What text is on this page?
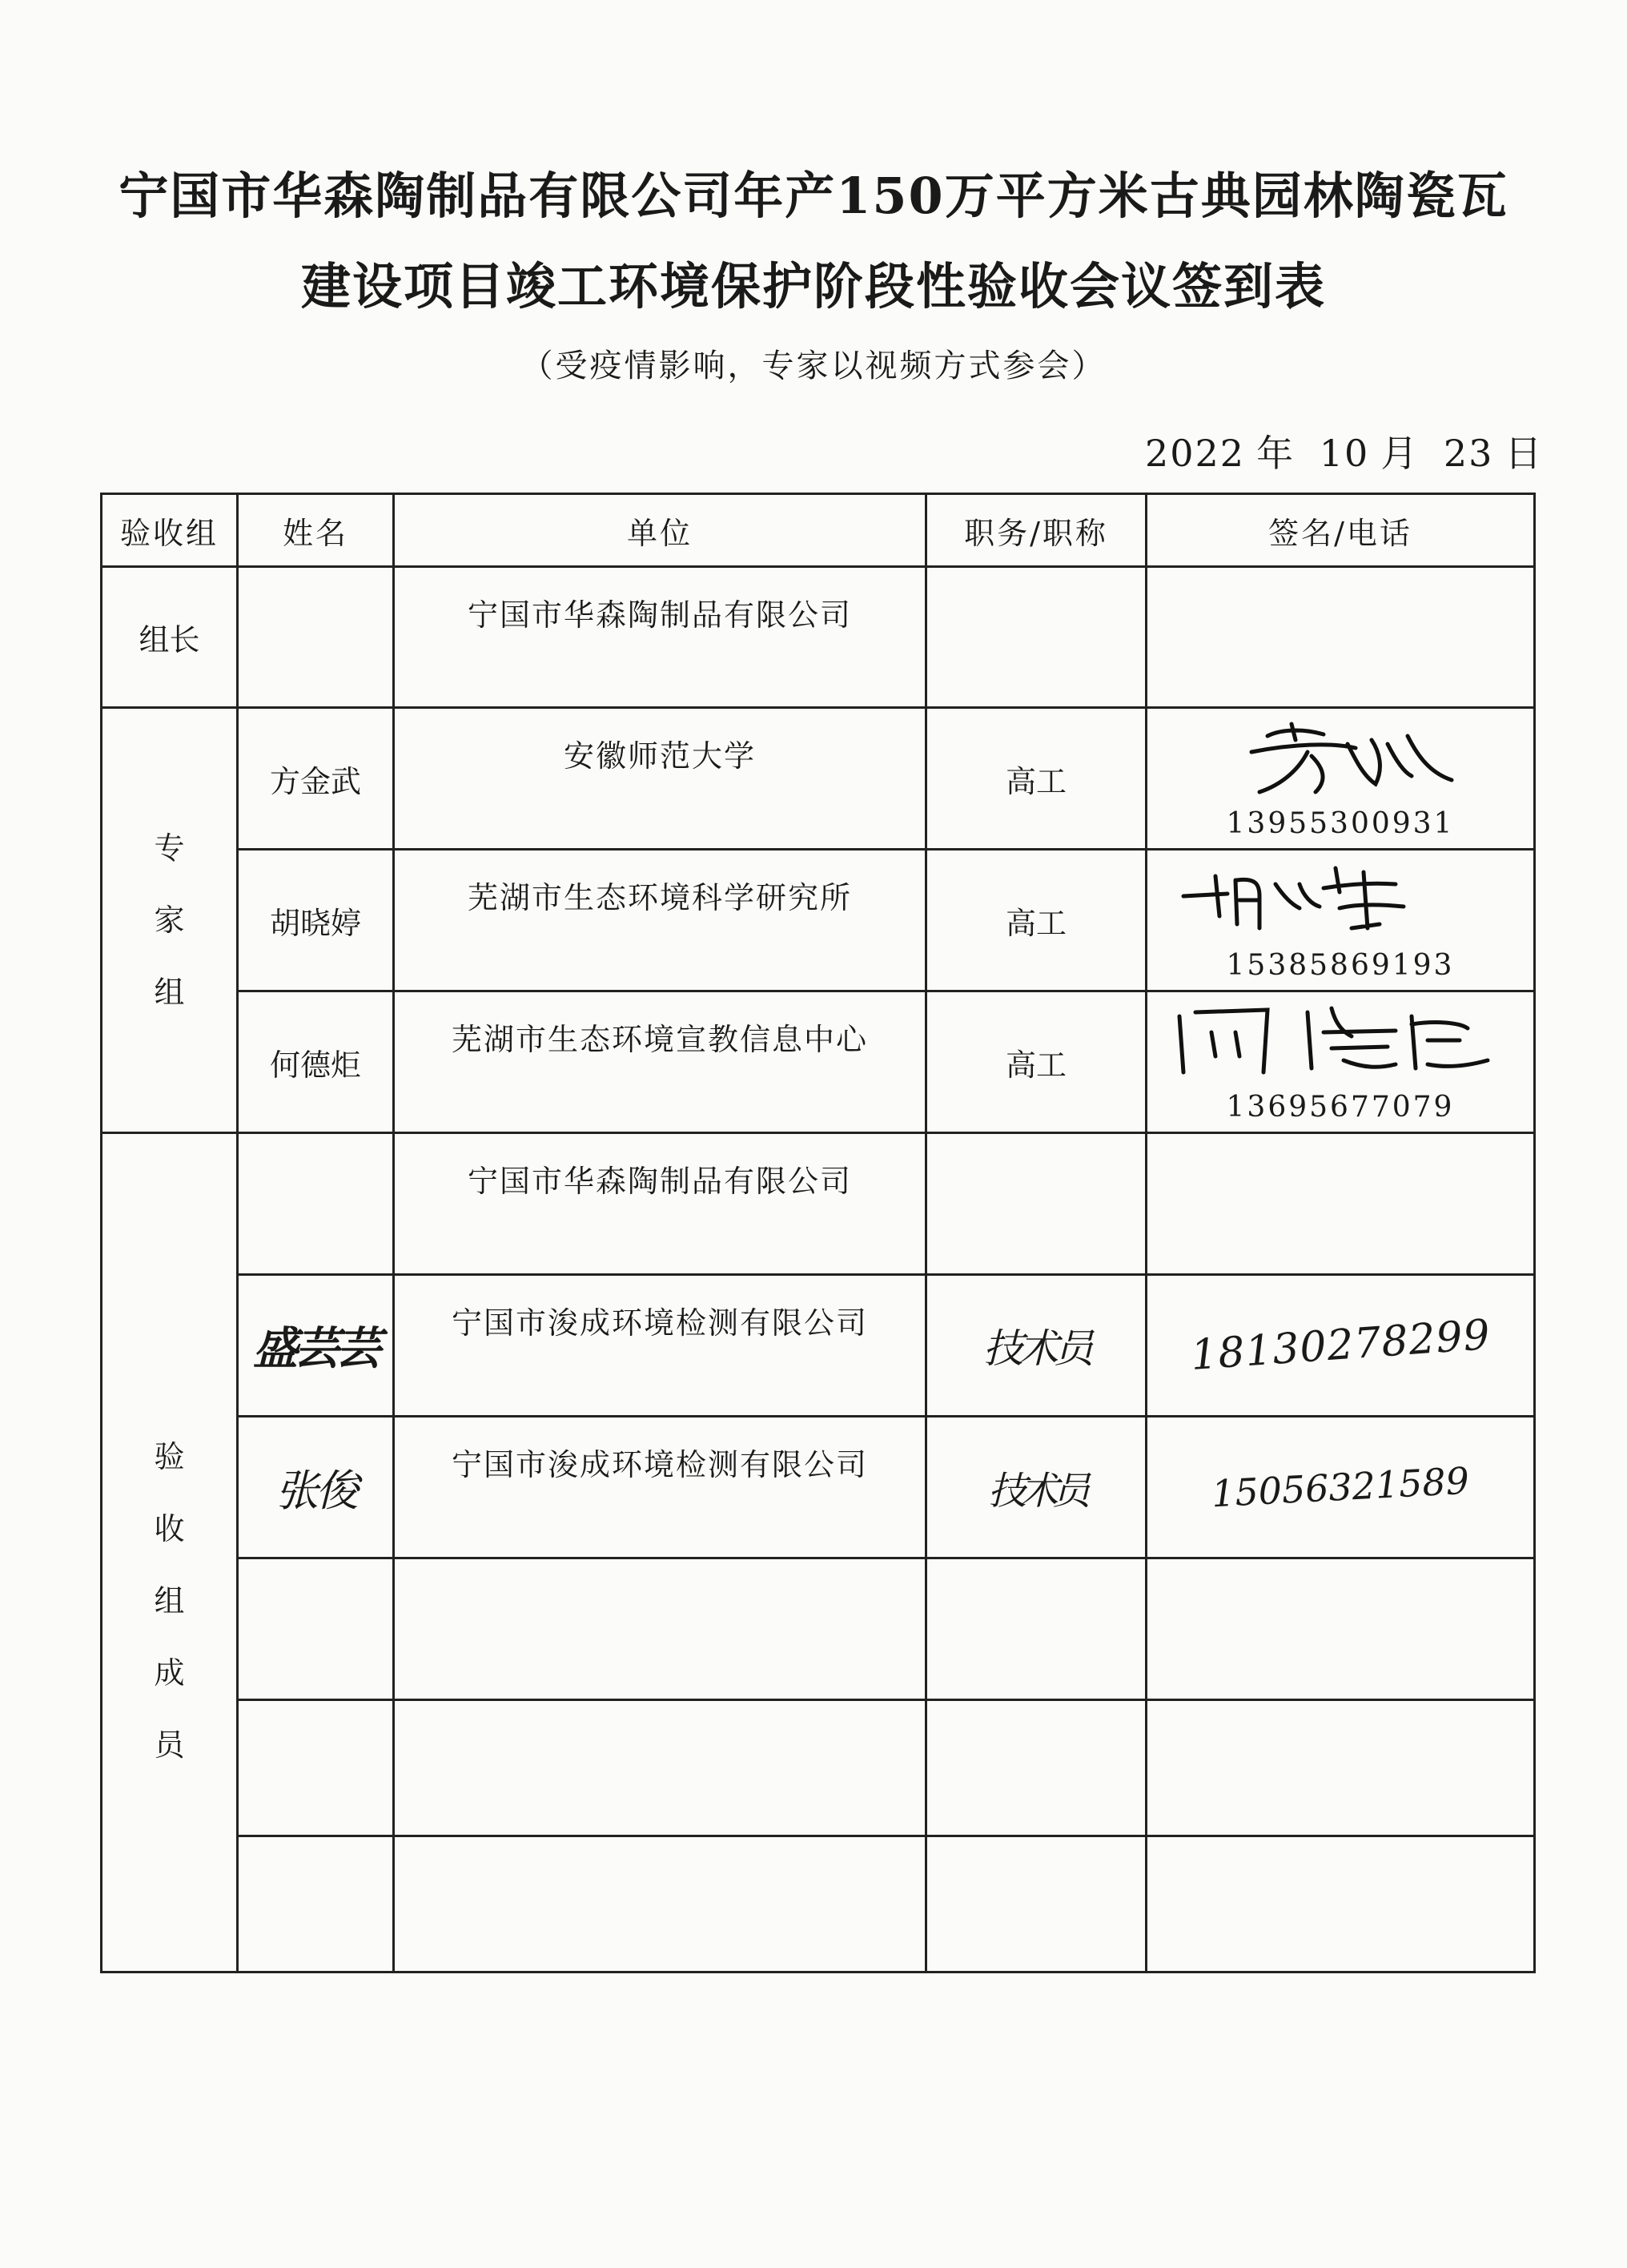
宁国市华森陶制品有限公司年产150万平方米古典园林陶瓷瓦
建设项目竣工环境保护阶段性验收会议签到表
（受疫情影响，专家以视频方式参会）
2022 年 10 月 23 日
验收组	姓名	单位	职务/职称	签名/电话
组长		宁国市华森陶制品有限公司		

专
家
组	方金武	安徽师范大学	高工	13955300931

	胡晓婷	芜湖市生态环境科学研究所	高工	15385869193

	何德炬	芜湖市生态环境宣教信息中心	高工	13695677079

验
收
组
成
员		宁国市华森陶制品有限公司		
	盛芸芸	宁国市浚成环境检测有限公司	技术员	18130278299
	张俊	宁国市浚成环境检测有限公司	技术员	15056321589
